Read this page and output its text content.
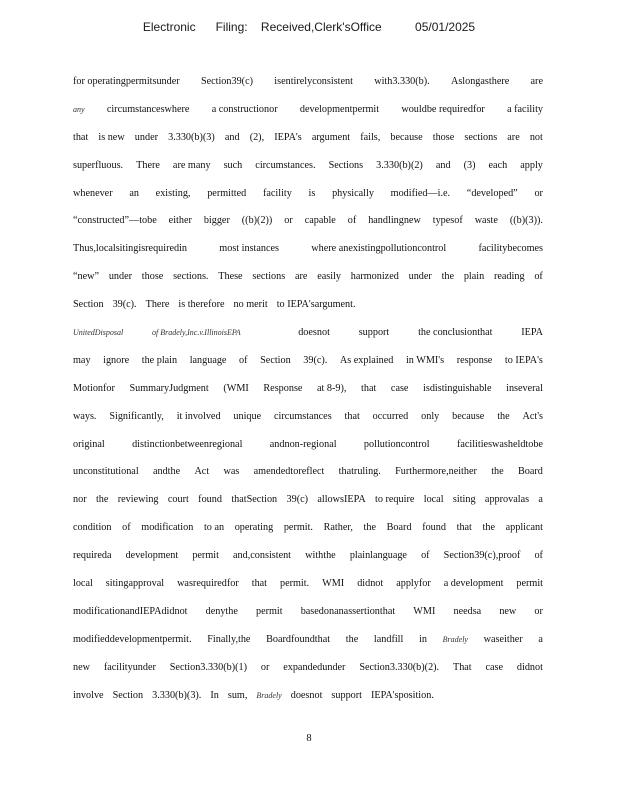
Electronic      Filing:    Received,Clerk'sOffice          05/01/2025
for operatingpermitsunder Section39(c) isentirelyconsistent with3.330(b). Aslongasthere are
any circumstanceswhere a constructionor developmentpermit wouldbe requiredfor a facility
that is new under 3.330(b)(3) and (2), IEPA's argument fails, because those sections are not
superfluous. There are many such circumstances. Sections 3.330(b)(2) and (3) each apply
whenever an existing, permitted facility is physically modified—i.e. “developed” or
“constructed”—tobe either bigger ((b)(2)) or capable of handlingnew typesof waste ((b)(3)).
Thus,localsitingisrequiredin	most instances	where anexistingpollutioncontrol	facilitybecomes
“new” under those sections. These sections are easily harmonized under the plain reading of
Section 39(c). There is therefore no merit to IEPA'sargument.
UnitedDisposal	of Bradely,Inc.v.IllinoisEPA	doesnot	support	the conclusionthat	IEPA
may ignore the plain language of Section 39(c). As explained in WMI's response to IEPA's
Motionfor SummaryJudgment (WMI Response at 8-9), that case isdistinguishable inseveral
ways. Significantly, it involved unique circumstances that occurred only because the Act's
original	distinctionbetweenregional	andnon-regional	pollutioncontrol	facilitieswasheldtobe
unconstitutional andthe Act was amendedtoreflect thatruling. Furthermore,neither the Board
nor the reviewing court found thatSection 39(c) allowsIEPA to require local siting approvalas a
condition of modification to an operating permit. Rather, the Board found that the applicant
requireda development permit and,consistent withthe plainlanguage of Section39(c),proof of
local sitingapproval wasrequiredfor that permit. WMI didnot applyfor a development permit
modificationandIEPAdidnot denythe permit basedonanassertionthat WMI needsa new or
modifieddevelopmentpermit. Finally,the Boardfoundthat the landfill in Bradely waseither a
new facilityunder Section3.330(b)(1) or expandedunder Section3.330(b)(2). That case didnot
involve Section 3.330(b)(3). In sum, Bradely doesnot support IEPA'sposition.
8
